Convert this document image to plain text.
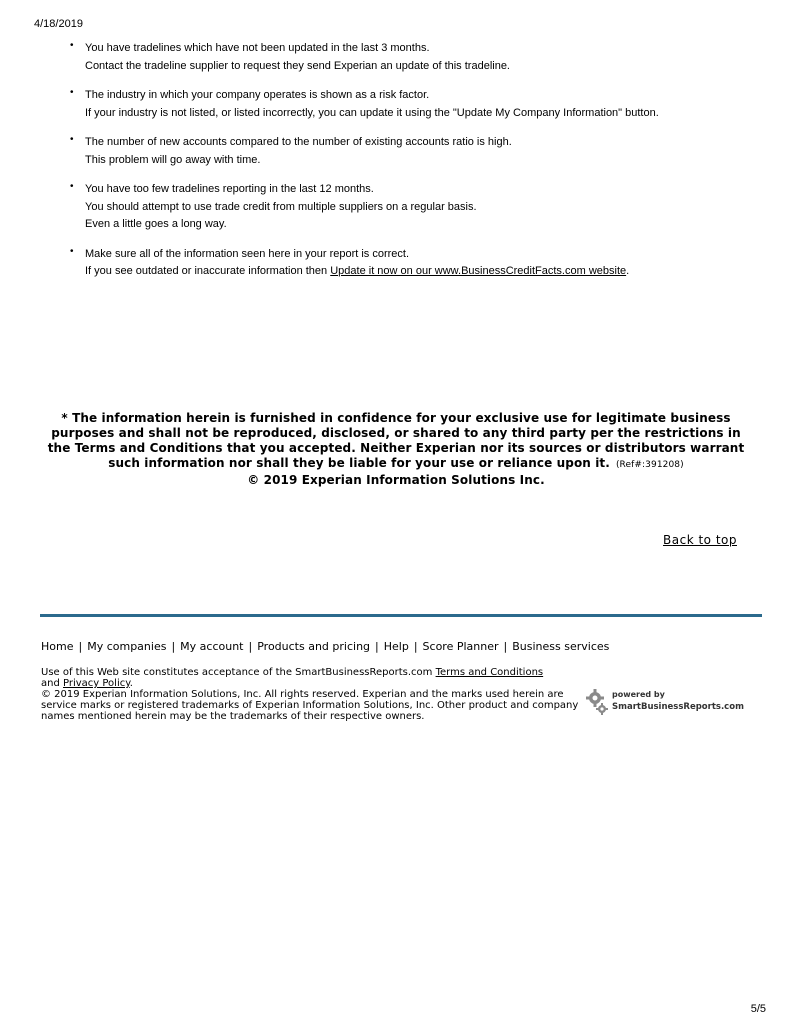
4/18/2019
• You have tradelines which have not been updated in the last 3 months.
Contact the tradeline supplier to request they send Experian an update of this tradeline.
• The industry in which your company operates is shown as a risk factor.
If your industry is not listed, or listed incorrectly, you can update it using the "Update My Company Information" button.
• The number of new accounts compared to the number of existing accounts ratio is high.
This problem will go away with time.
• You have too few tradelines reporting in the last 12 months.
You should attempt to use trade credit from multiple suppliers on a regular basis.
Even a little goes a long way.
• Make sure all of the information seen here in your report is correct.
If you see outdated or inaccurate information then Update it now on our www.BusinessCreditFacts.com website.
* The information herein is furnished in confidence for your exclusive use for legitimate business purposes and shall not be reproduced, disclosed, or shared to any third party per the restrictions in the Terms and Conditions that you accepted. Neither Experian nor its sources or distributors warrant such information nor shall they be liable for your use or reliance upon it. (Ref#:391208)
© 2019 Experian Information Solutions Inc.
Back to top
Home | My companies | My account | Products and pricing | Help | Score Planner | Business services
Use of this Web site constitutes acceptance of the SmartBusinessReports.com Terms and Conditions
and Privacy Policy.
© 2019 Experian Information Solutions, Inc. All rights reserved. Experian and the marks used herein are service marks or registered trademarks of Experian Information Solutions, Inc. Other product and company names mentioned herein may be the trademarks of their respective owners.
powered by
SmartBusinessReports.com
5/5
